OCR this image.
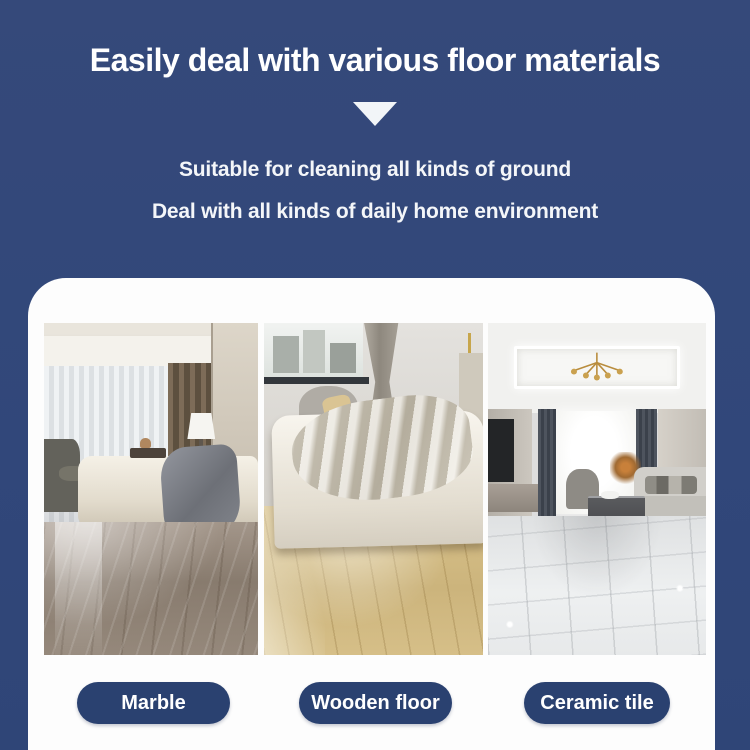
Easily deal with various floor materials
Suitable for cleaning all kinds of ground
Deal with all kinds of daily home environment
Marble	Wooden floor	Ceramic tile
